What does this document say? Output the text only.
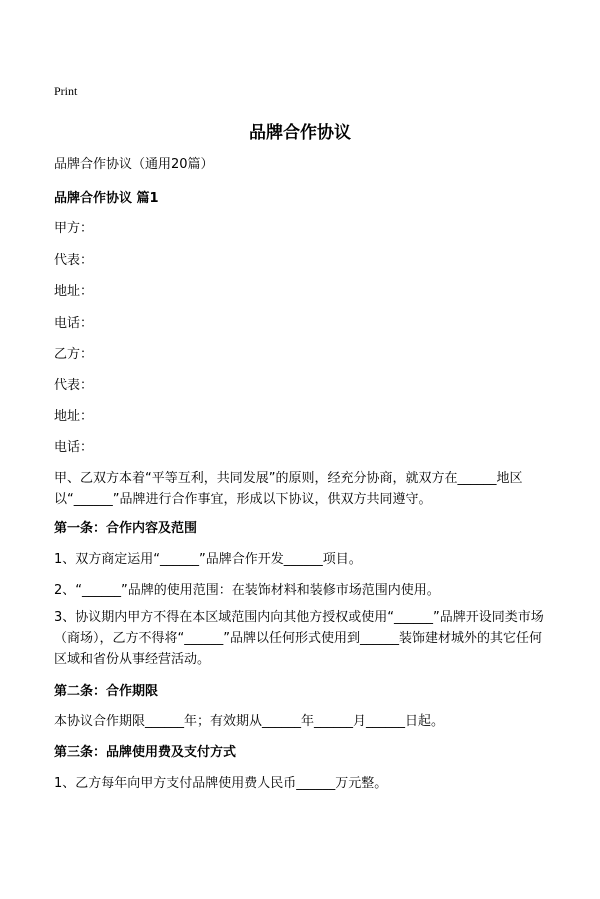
Print
品牌合作协议
品牌合作协议（通用20篇）
品牌合作协议 篇1
甲方：
代表：
地址：
电话：
乙方：
代表：
地址：
电话：
甲、乙双方本着“平等互利，共同发展”的原则，经充分协商，就双方在______地区以“______”品牌进行合作事宜，形成以下协议，供双方共同遵守。
第一条：合作内容及范围
1、双方商定运用“______”品牌合作开发______项目。
2、“______”品牌的使用范围：在装饰材料和装修市场范围内使用。
3、协议期内甲方不得在本区域范围内向其他方授权或使用“______”品牌开设同类市场（商场），乙方不得将“______”品牌以任何形式使用到______装饰建材城外的其它任何区域和省份从事经营活动。
第二条：合作期限
本协议合作期限______年；有效期从______年______月______日起。
第三条：品牌使用费及支付方式
1、乙方每年向甲方支付品牌使用费人民币______万元整。
